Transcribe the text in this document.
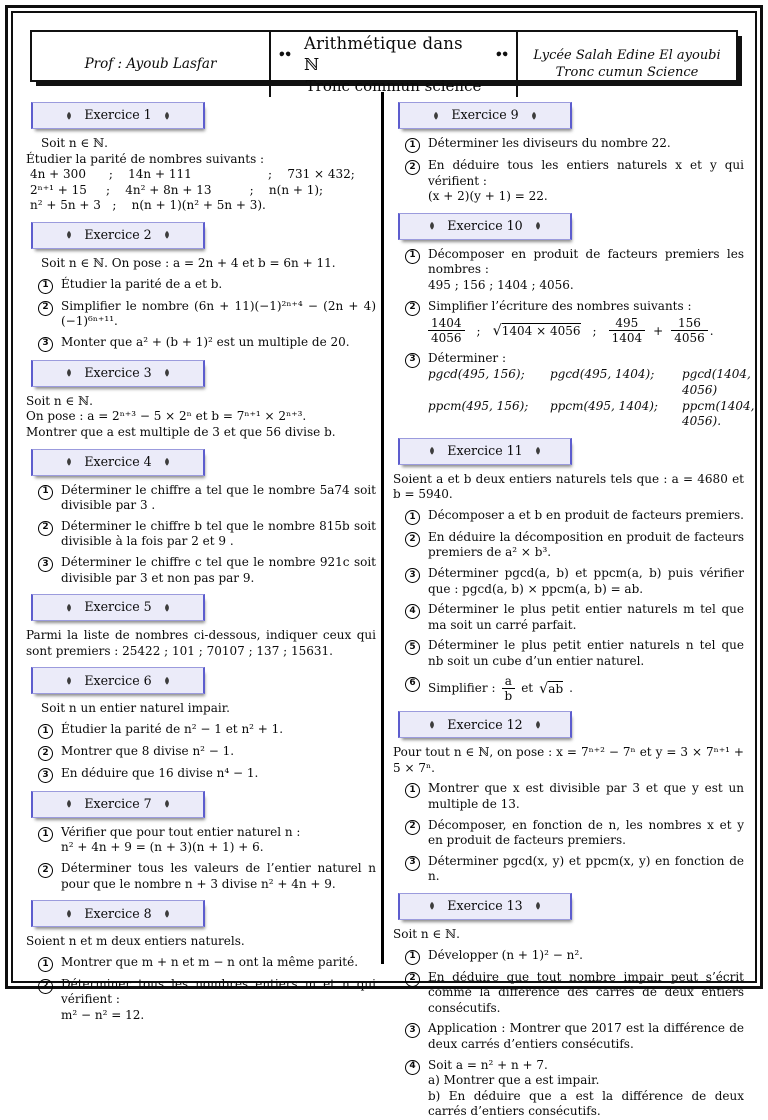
Prof : Ayoub Lasfar
Arithmétique dans ℕ
Tronc commun science
Lycée Salah Edine El ayoubi
Tronc cumun Science
Exercice 1
Soit n ∈ ℕ.
Étudier la parité de nombres suivants :
4n + 300      ;    14n + 111                    ;    731 × 432;
2ⁿ⁺¹ + 15     ;    4n² + 8n + 13          ;    n(n + 1);
n² + 5n + 3   ;    n(n + 1)(n² + 5n + 3).
Exercice 2
Soit n ∈ ℕ. On pose : a = 2n + 4 et b = 6n + 11.
1	Étudier la parité de a et b.
2	Simplifier le nombre (6n + 11)(−1)²ⁿ⁺⁴ − (2n + 4)(−1)⁶ⁿ⁺¹¹.
3	Monter que a² + (b + 1)² est un multiple de 20.
Exercice 3
Soit n ∈ ℕ.
On pose : a = 2ⁿ⁺³ − 5 × 2ⁿ et b = 7ⁿ⁺¹ × 2ⁿ⁺³.
Montrer que a est multiple de 3 et que 56 divise b.
Exercice 4
1	Déterminer le chiffre a tel que le nombre 5a74 soit divisible par 3 .
2	Déterminer le chiffre b tel que le nombre 815b soit divisible à la fois par 2 et 9 .
3	Déterminer le chiffre c tel que le nombre 921c soit divisible par 3 et non pas par 9.
Exercice 5
Parmi la liste de nombres ci-dessous, indiquer ceux qui sont premiers : 25422 ; 101 ; 70107 ; 137 ; 15631.
Exercice 6
Soit n un entier naturel impair.
1	Étudier la parité de n² − 1 et n² + 1.
2	Montrer que 8 divise n² − 1.
3	En déduire que 16 divise n⁴ − 1.
Exercice 7
1	Vérifier que pour tout entier naturel n :
n² + 4n + 9 = (n + 3)(n + 1) + 6.
2	Déterminer tous les valeurs de l’entier naturel n pour que le nombre n + 3 divise n² + 4n + 9.
Exercice 8
Soient n et m deux entiers naturels.
1	Montrer que m + n et m − n ont la même parité.
2	Déterminer tous les nombres entiers m et n qui vérifient :
m² − n² = 12.
Exercice 9
1	Déterminer les diviseurs du nombre 22.
2	En déduire tous les entiers naturels x et y qui vérifient :
(x + 2)(y + 1) = 22.
Exercice 10
1	Décomposer en produit de facteurs premiers les nombres :
495 ; 156 ; 1404 ; 4056.
2	Simplifier l’écriture des nombres suivants :
$\frac{1404}{4056}$ ; √ 1404 × 4056 ; $\frac{495}{1404} + \frac{156}{4056}$ .
3	Déterminer :
pgcd(495, 156);	pgcd(495, 1404);	pgcd(1404, 4056)
ppcm(495, 156);	ppcm(495, 1404);	ppcm(1404, 4056).
Exercice 11
Soient a et b deux entiers naturels tels que : a = 4680 et b = 5940.
1	Décomposer a et b en produit de facteurs premiers.
2	En déduire la décomposition en produit de facteurs premiers de a² × b³.
3	Déterminer pgcd(a, b) et ppcm(a, b) puis vérifier que : pgcd(a, b) × ppcm(a, b) = ab.
4	Déterminer le plus petit entier naturels m tel que ma soit un carré parfait.
5	Déterminer le plus petit entier naturels n tel que nb soit un cube d’un entier naturel.
6	Simplifier : $\frac{a}{b}$ et √ ab .
Exercice 12
Pour tout n ∈ ℕ, on pose : x = 7ⁿ⁺² − 7ⁿ et y = 3 × 7ⁿ⁺¹ + 5 × 7ⁿ.
1	Montrer que x est divisible par 3 et que y est un multiple de 13.
2	Décomposer, en fonction de n, les nombres x et y en produit de facteurs premiers.
3	Déterminer pgcd(x, y) et ppcm(x, y) en fonction de n.
Exercice 13
Soit n ∈ ℕ.
1	Développer (n + 1)² − n².
2	En déduire que tout nombre impair peut s’écrit comme la différence des carrés de deux entiers consécutifs.
3	Application : Montrer que 2017 est la différence de deux carrés d’entiers consécutifs.
4	Soit a = n² + n + 7.
a) Montrer que a est impair.
b) En déduire que a est la différence de deux carrés d’entiers consécutifs.
